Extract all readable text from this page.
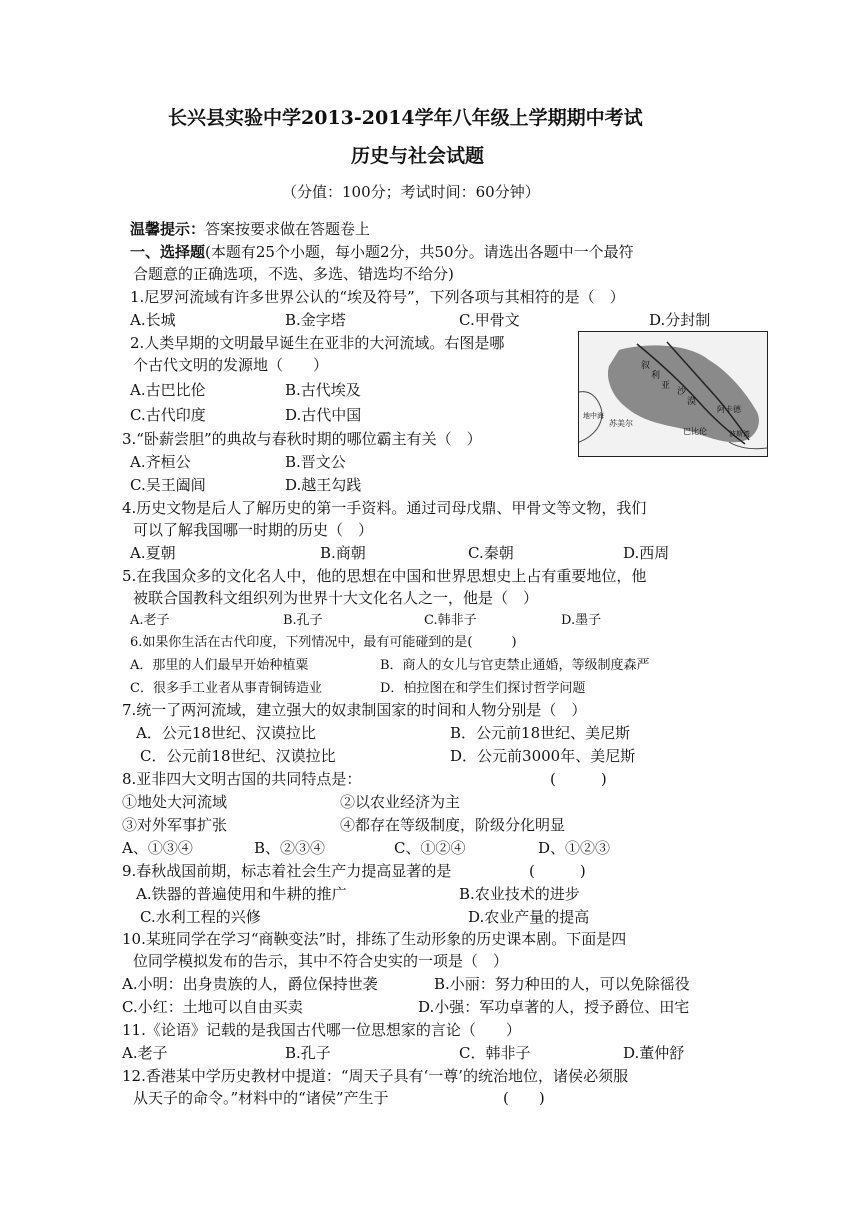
长兴县实验中学2013-2014学年八年级上学期期中考试
历史与社会试题
（分值：100分；考试时间：60分钟）
温馨提示：答案按要求做在答题卷上
一、选择题(本题有25个小题，每小题2分，共50分。请选出各题中一个最符
合题意的正确选项，不选、多选、错选均不给分)
1.尼罗河流域有许多世界公认的“埃及符号”，下列各项与其相符的是（　）
A.长城	B.金字塔	C.甲骨文	D.分封制
2.人类早期的文明最早诞生在亚非的大河流域。右图是哪
个古代文明的发源地（　　）
A.古巴比伦	B.古代埃及
C.古代印度	D.古代中国
叙
利
亚
沙
漠
巴比伦
阿卡德
苏美尔
波斯湾
地中海
3.“卧薪尝胆”的典故与春秋时期的哪位霸主有关（　）
A.齐桓公	B.晋文公
C.吴王阖闾	D.越王勾践
4.历史文物是后人了解历史的第一手资料。通过司母戊鼎、甲骨文等文物，我们
可以了解我国哪一时期的历史（　）
A.夏朝	B.商朝	C.秦朝	D.西周
5.在我国众多的文化名人中，他的思想在中国和世界思想史上占有重要地位，他
被联合国教科文组织列为世界十大文化名人之一，他是（　）
A.老子	B.孔子	C.韩非子	D.墨子
6.如果你生活在古代印度，下列情况中，最有可能碰到的是(　　　)
A．那里的人们最早开始种植粟	B．商人的女儿与官吏禁止通婚，等级制度森严
C．很多手工业者从事青铜铸造业	D．柏拉图在和学生们探讨哲学问题
7.统一了两河流域，建立强大的奴隶制国家的时间和人物分别是（　）
A．公元18世纪、汉谟拉比	B．公元前18世纪、美尼斯
C．公元前18世纪、汉谟拉比	D．公元前3000年、美尼斯
8.亚非四大文明古国的共同特点是：	(　　　)
①地处大河流域	②以农业经济为主
③对外军事扩张	④都存在等级制度，阶级分化明显
A、①③④	B、②③④	C、①②④	D、①②③
9.春秋战国前期，标志着社会生产力提高显著的是	(　　　)
A.铁器的普遍使用和牛耕的推广	B.农业技术的进步
C.水利工程的兴修	D.农业产量的提高
10.某班同学在学习“商鞅变法”时，排练了生动形象的历史课本剧。下面是四
位同学模拟发布的告示，其中不符合史实的一项是（　）
A.小明：出身贵族的人，爵位保持世袭	B.小丽：努力种田的人，可以免除徭役
C.小红：土地可以自由买卖	D.小强：军功卓著的人，授予爵位、田宅
11.《论语》记载的是我国古代哪一位思想家的言论（　　）
A.老子	B.孔子	C．韩非子	D.董仲舒
12.香港某中学历史教材中提道：“周天子具有‘一尊’的统治地位，诸侯必须服
从天子的命令。”材料中的“诸侯”产生于	(　　)
